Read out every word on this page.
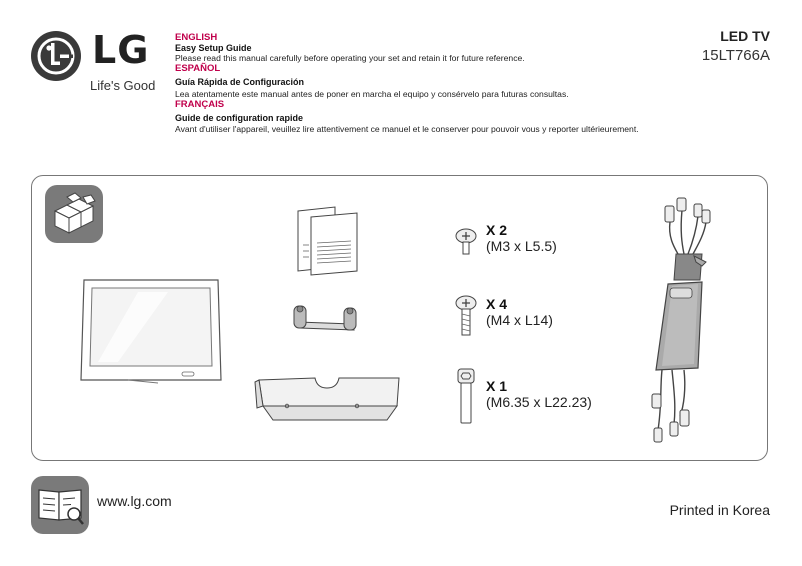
LG
Life's Good
ENGLISH
Easy Setup Guide
Please read this manual carefully before operating your set and retain it for future reference.
ESPAÑOL
Guía Rápida de Configuración
Lea atentamente este manual antes de poner en marcha el equipo y consérvelo para futuras consultas.
FRANÇAIS
Guide de configuration rapide
Avant d'utiliser l'appareil, veuillez lire attentivement ce manuel et le conserver pour pouvoir vous y reporter ultérieurement.
LED TV
15LT766A
X 2
(M3 x L5.5)
X 4
(M4 x L14)
X 1
(M6.35 x L22.23)
www.lg.com
Printed in Korea
